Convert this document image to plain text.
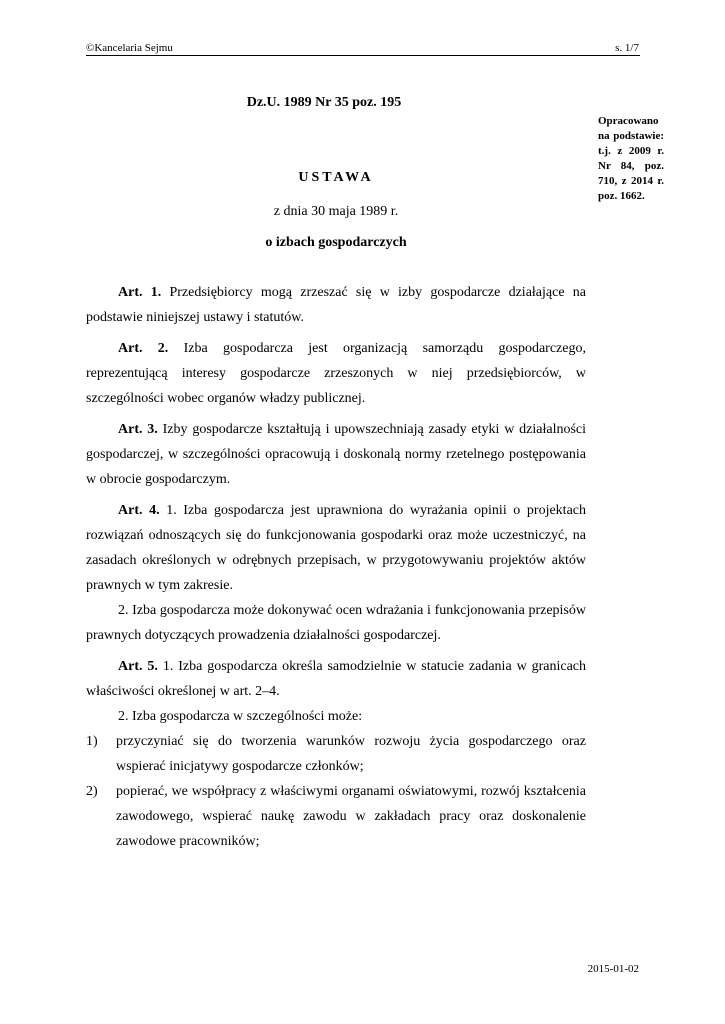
©Kancelaria Sejmu	s. 1/7
Dz.U. 1989 Nr 35 poz. 195
Opracowano na podstawie: t.j. z 2009 r. Nr 84, poz. 710, z 2014 r. poz. 1662.
USTAWA
z dnia 30 maja 1989 r.
o izbach gospodarczych

Art. 1. Przedsiębiorcy mogą zrzeszać się w izby gospodarcze działające na podstawie niniejszej ustawy i statutów.

Art. 2. Izba gospodarcza jest organizacją samorządu gospodarczego, reprezentującą interesy gospodarcze zrzeszonych w niej przedsiębiorców, w szczególności wobec organów władzy publicznej.

Art. 3. Izby gospodarcze kształtują i upowszechniają zasady etyki w działalności gospodarczej, w szczególności opracowują i doskonalą normy rzetelnego postępowania w obrocie gospodarczym.

Art. 4. 1. Izba gospodarcza jest uprawniona do wyrażania opinii o projektach rozwiązań odnoszących się do funkcjonowania gospodarki oraz może uczestniczyć, na zasadach określonych w odrębnych przepisach, w przygotowywaniu projektów aktów prawnych w tym zakresie.

2. Izba gospodarcza może dokonywać ocen wdrażania i funkcjonowania przepisów prawnych dotyczących prowadzenia działalności gospodarczej.

Art. 5. 1. Izba gospodarcza określa samodzielnie w statucie zadania w granicach właściwości określonej w art. 2–4.

2. Izba gospodarcza w szczególności może:

1)	przyczyniać się do tworzenia warunków rozwoju życia gospodarczego oraz wspierać inicjatywy gospodarcze członków;
2)	popierać, we współpracy z właściwymi organami oświatowymi, rozwój kształcenia zawodowego, wspierać naukę zawodu w zakładach pracy oraz doskonalenie zawodowe pracowników;
2015-01-02
